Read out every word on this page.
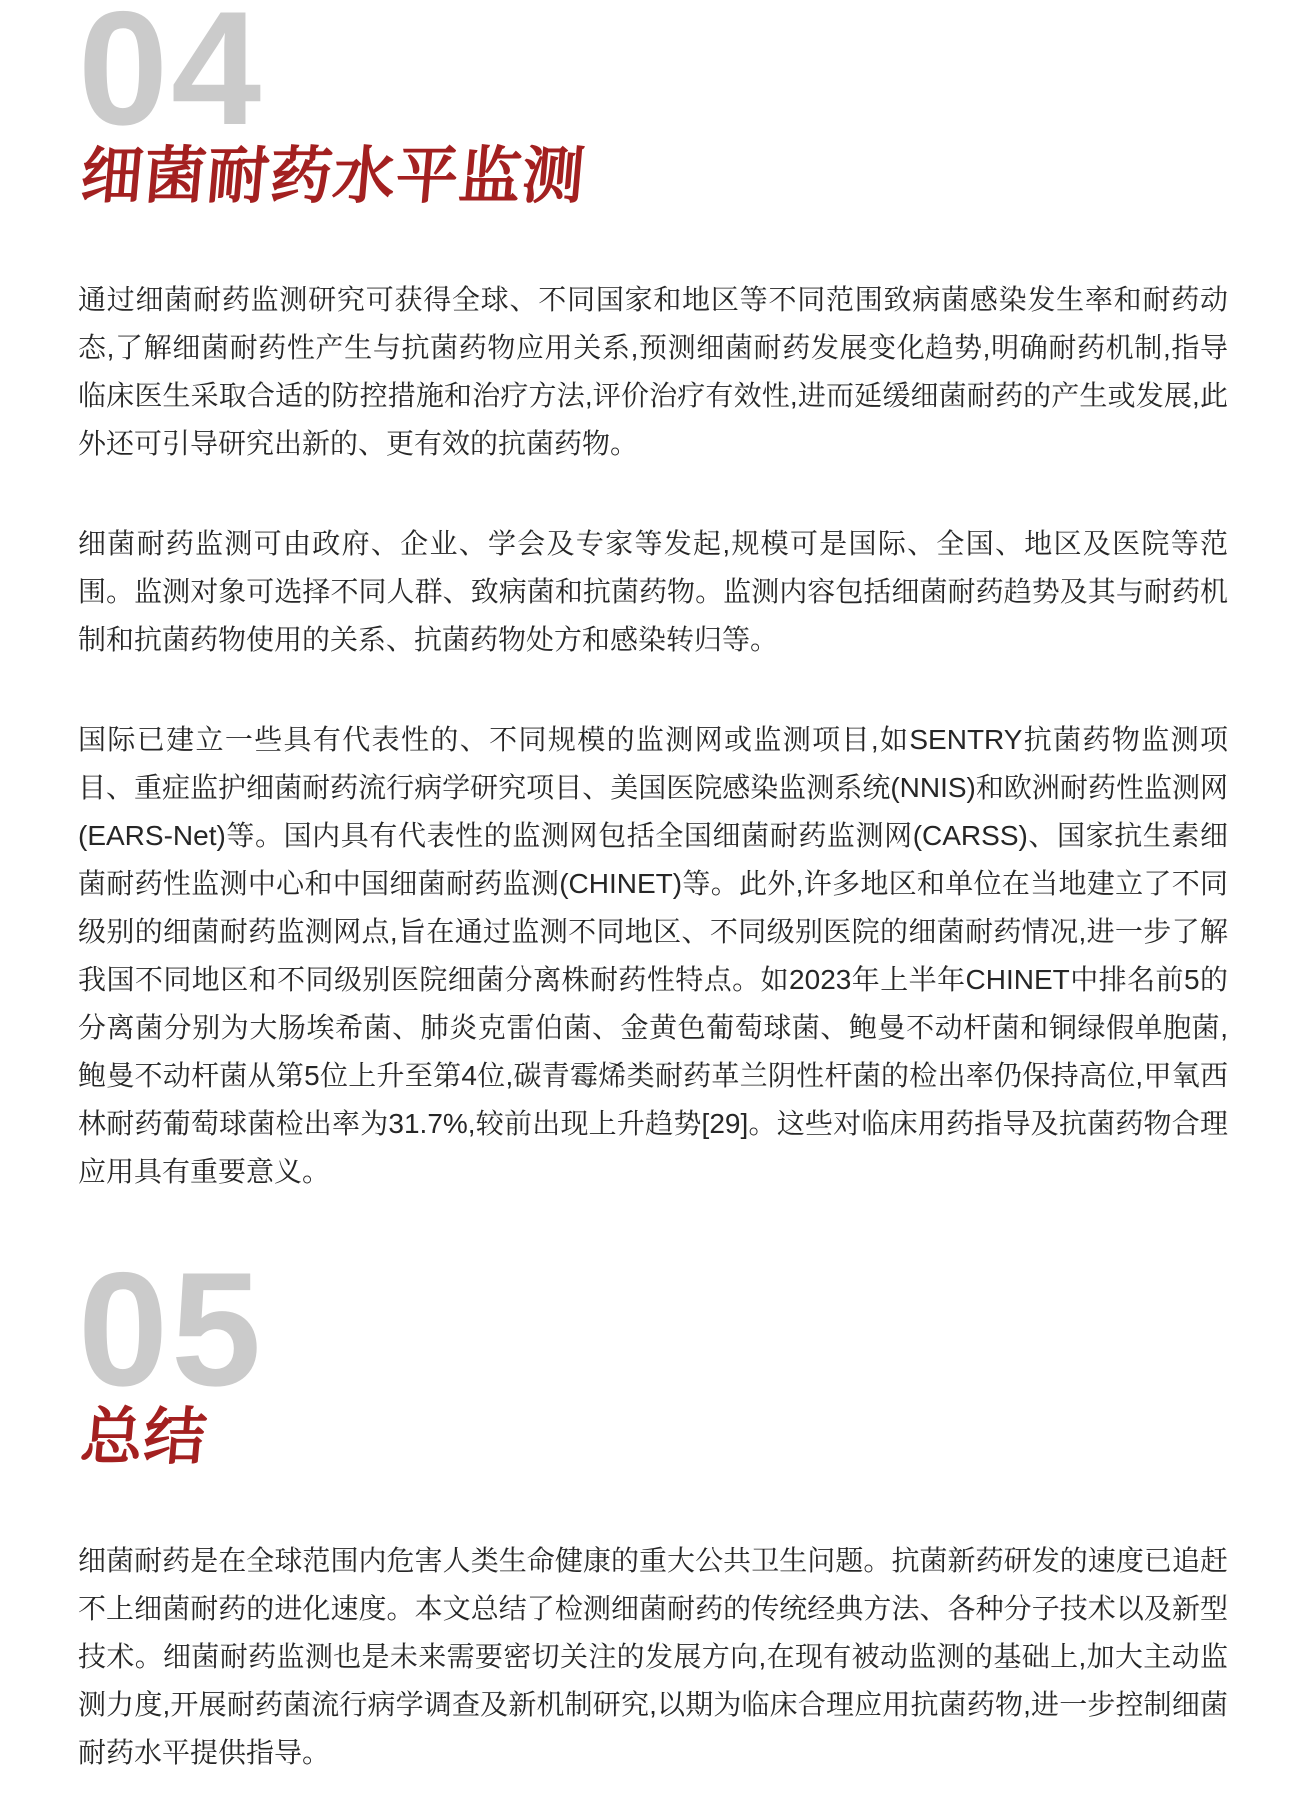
04
细菌耐药水平监测

通过细菌耐药监测研究可获得全球、不同国家和地区等不同范围致病菌感染发生率和耐药动态,了解细菌耐药性产生与抗菌药物应用关系,预测细菌耐药发展变化趋势,明确耐药机制,指导临床医生采取合适的防控措施和治疗方法,评价治疗有效性,进而延缓细菌耐药的产生或发展,此外还可引导研究出新的、更有效的抗菌药物。

细菌耐药监测可由政府、企业、学会及专家等发起,规模可是国际、全国、地区及医院等范围。监测对象可选择不同人群、致病菌和抗菌药物。监测内容包括细菌耐药趋势及其与耐药机制和抗菌药物使用的关系、抗菌药物处方和感染转归等。

国际已建立一些具有代表性的、不同规模的监测网或监测项目,如SENTRY抗菌药物监测项目、重症监护细菌耐药流行病学研究项目、美国医院感染监测系统(NNIS)和欧洲耐药性监测网(EARS-Net)等。国内具有代表性的监测网包括全国细菌耐药监测网(CARSS)、国家抗生素细菌耐药性监测中心和中国细菌耐药监测(CHINET)等。此外,许多地区和单位在当地建立了不同级别的细菌耐药监测网点,旨在通过监测不同地区、不同级别医院的细菌耐药情况,进一步了解我国不同地区和不同级别医院细菌分离株耐药性特点。如2023年上半年CHINET中排名前5的分离菌分别为大肠埃希菌、肺炎克雷伯菌、金黄色葡萄球菌、鲍曼不动杆菌和铜绿假单胞菌,鲍曼不动杆菌从第5位上升至第4位,碳青霉烯类耐药革兰阴性杆菌的检出率仍保持高位,甲氧西林耐药葡萄球菌检出率为31.7%,较前出现上升趋势[29]。这些对临床用药指导及抗菌药物合理应用具有重要意义。

05
总结

细菌耐药是在全球范围内危害人类生命健康的重大公共卫生问题。抗菌新药研发的速度已追赶不上细菌耐药的进化速度。本文总结了检测细菌耐药的传统经典方法、各种分子技术以及新型技术。细菌耐药监测也是未来需要密切关注的发展方向,在现有被动监测的基础上,加大主动监测力度,开展耐药菌流行病学调查及新机制研究,以期为临床合理应用抗菌药物,进一步控制细菌耐药水平提供指导。
